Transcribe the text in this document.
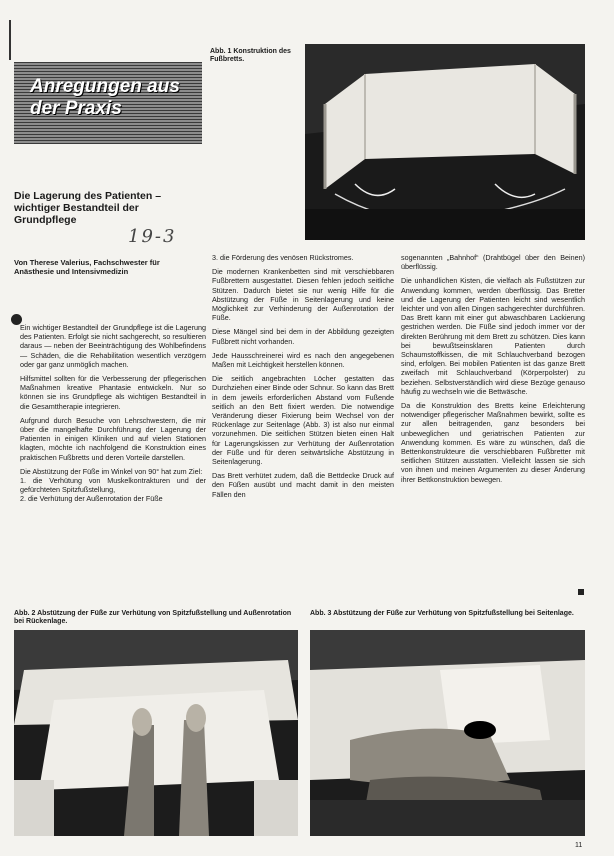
Anregungen aus der Praxis
Abb. 1 Konstruktion des Fußbretts.
Die Lagerung des Patienten – wichtiger Bestandteil der Grundpflege
19-3
Von Therese Valerius, Fachschwester für Anästhesie und Intensivmedizin

Ein wichtiger Bestandteil der Grundpflege ist die Lagerung des Patienten. Erfolgt sie nicht sachgerecht, so resultieren daraus — neben der Beeinträchtigung des Wohlbefindens — Schäden, die die Rehabilitation wesentlich verzögern oder gar ganz unmöglich machen.

Hilfsmittel sollten für die Verbesserung der pflegerischen Maßnahmen kreative Phantasie entwickeln. Nur so können sie ins Grundpflege als wichtigen Bestandteil in die Gesamttherapie integrieren.

Aufgrund durch Besuche von Lehrschwestern, die mir über die mangelhafte Durchführung der Lagerung der Patienten in einigen Kliniken und auf vielen Stationen klagten, möchte ich nachfolgend die Konstruktion eines praktischen Fußbretts und deren Vorteile darstellen.

Die Abstützung der Füße im Winkel von 90° hat zum Ziel:

1. die Verhütung von Muskelkontrakturen und der gefürchteten Spitzfußstellung,
2. die Verhütung der Außenrotation der Füße

3. die Förderung des venösen Rückstromes.

Die modernen Krankenbetten sind mit verschiebbaren Fußbrettern ausgestattet. Diesen fehlen jedoch seitliche Stützen. Dadurch bietet sie nur wenig Hilfe für die Abstützung der Füße in Seitenlagerung und keine Möglichkeit zur Verhinderung der Außenrotation der Füße.

Diese Mängel sind bei dem in der Abbildung gezeigten Fußbrett nicht vorhanden.

Jede Hausschreinerei wird es nach den angegebenen Maßen mit Leichtigkeit herstellen können.

Die seitlich angebrachten Löcher gestatten das Durchziehen einer Binde oder Schnur. So kann das Brett in dem jeweils erforderlichen Abstand vom Fußende seitlich an den Bett fixiert werden. Die notwendige Veränderung dieser Fixierung beim Wechsel von der Rückenlage zur Seitenlage (Abb. 3) ist also nur einmal vorzunehmen. Die seitlichen Stützen bieten einen Halt für Lagerungskissen zur Verhütung der Außenrotation der Füße und für deren seitwärtsliche Abstützung in Seitenlagerung.

Das Brett verhütet zudem, daß die Bettdecke Druck auf den Füßen ausübt und macht damit in den meisten Fällen den

sogenannten „Bahnhof“ (Drahtbügel über den Beinen) überflüssig.

Die unhandlichen Kisten, die vielfach als Fußstützen zur Anwendung kommen, werden überflüssig. Das Bretter und die Lagerung der Patienten leicht sind wesentlich leichter und von allen Dingen sachgerechter durchführen. Das Brett kann mit einer gut abwaschbaren Lackierung gestrichen werden. Die Füße sind jedoch immer vor der direkten Berührung mit dem Brett zu schützen. Dies kann bei bewußtseinsklaren Patienten durch Schaumstoffkissen, die mit Schlauchverband bezogen sind, erfolgen. Bei mobilen Patienten ist das ganze Brett zweifach mit Schlauchverband (Körperpolster) zu beziehen. Selbstverständlich wird diese Bezüge genauso häufig zu wechseln wie die Bettwäsche.

Da die Konstruktion des Bretts keine Erleichterung notwendiger pflegerischer Maßnahmen bewirkt, sollte es zur allen beitragenden, ganz besonders bei unbeweglichen und geriatrischen Patienten zur Anwendung kommen. Es wäre zu wünschen, daß die Bettenkonstrukteure die verschiebbaren Fußbretter mit seitlichen Stützen ausstatten. Vielleicht lassen sie sich von ihnen und meinen Argumenten zu dieser Änderung ihrer Bettkonstruktion bewegen.

Abb. 2 Abstützung der Füße zur Verhütung von Spitzfußstellung und Außenrotation bei Rückenlage.
Abb. 3 Abstützung der Füße zur Verhütung von Spitzfußstellung bei Seitenlage.
11
